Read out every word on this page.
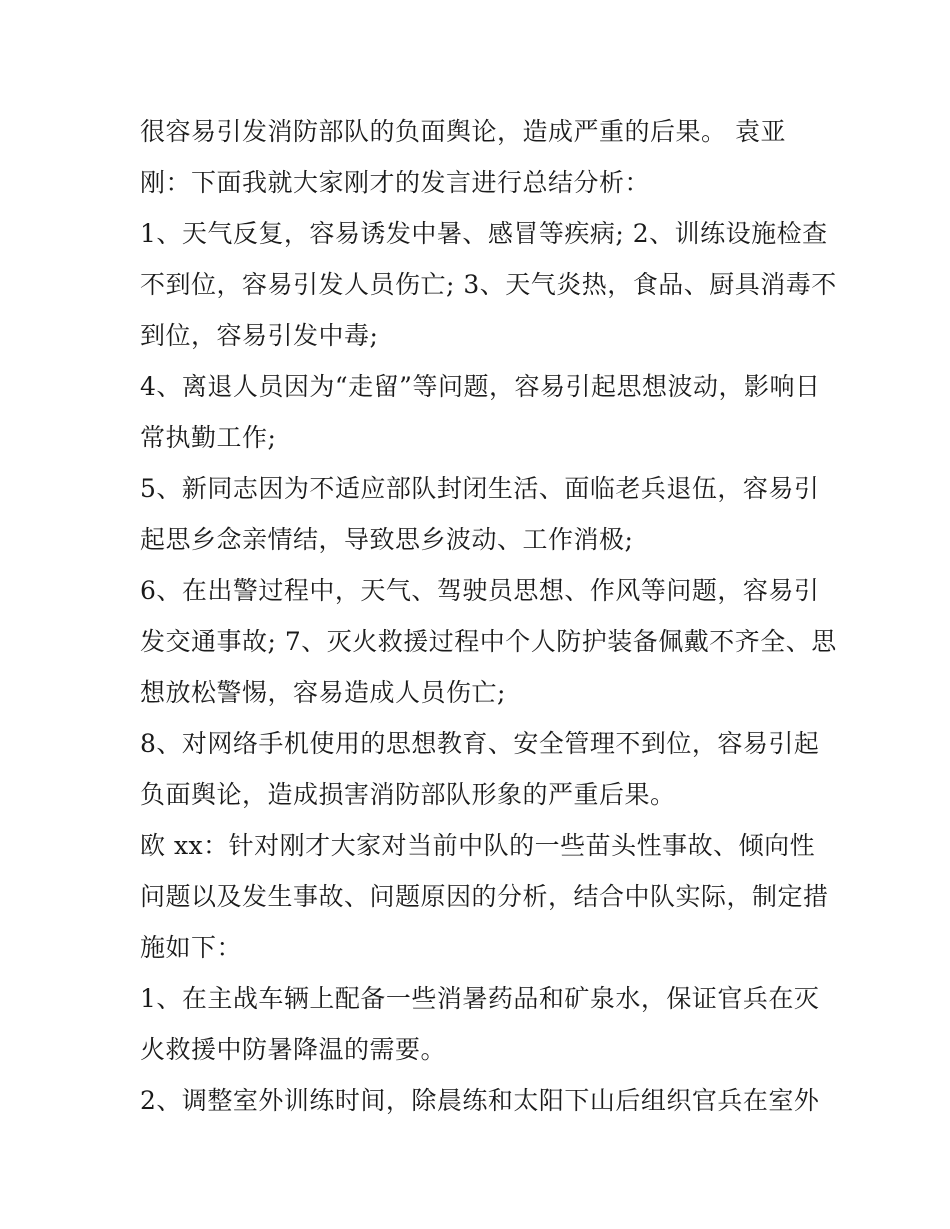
很容易引发消防部队的负面舆论，造成严重的后果。 袁亚
刚：下面我就大家刚才的发言进行总结分析：
1、天气反复，容易诱发中暑、感冒等疾病; 2、训练设施检查
不到位，容易引发人员伤亡; 3、天气炎热，食品、厨具消毒不
到位，容易引发中毒;
4、离退人员因为“走留”等问题，容易引起思想波动，影响日
常执勤工作;
5、新同志因为不适应部队封闭生活、面临老兵退伍，容易引
起思乡念亲情结，导致思乡波动、工作消极;
6、在出警过程中，天气、驾驶员思想、作风等问题，容易引
发交通事故; 7、灭火救援过程中个人防护装备佩戴不齐全、思
想放松警惕，容易造成人员伤亡;
8、对网络手机使用的思想教育、安全管理不到位，容易引起
负面舆论，造成损害消防部队形象的严重后果。
欧 xx：针对刚才大家对当前中队的一些苗头性事故、倾向性
问题以及发生事故、问题原因的分析，结合中队实际，制定措
施如下：
1、在主战车辆上配备一些消暑药品和矿泉水，保证官兵在灭
火救援中防暑降温的需要。
2、调整室外训练时间，除晨练和太阳下山后组织官兵在室外
